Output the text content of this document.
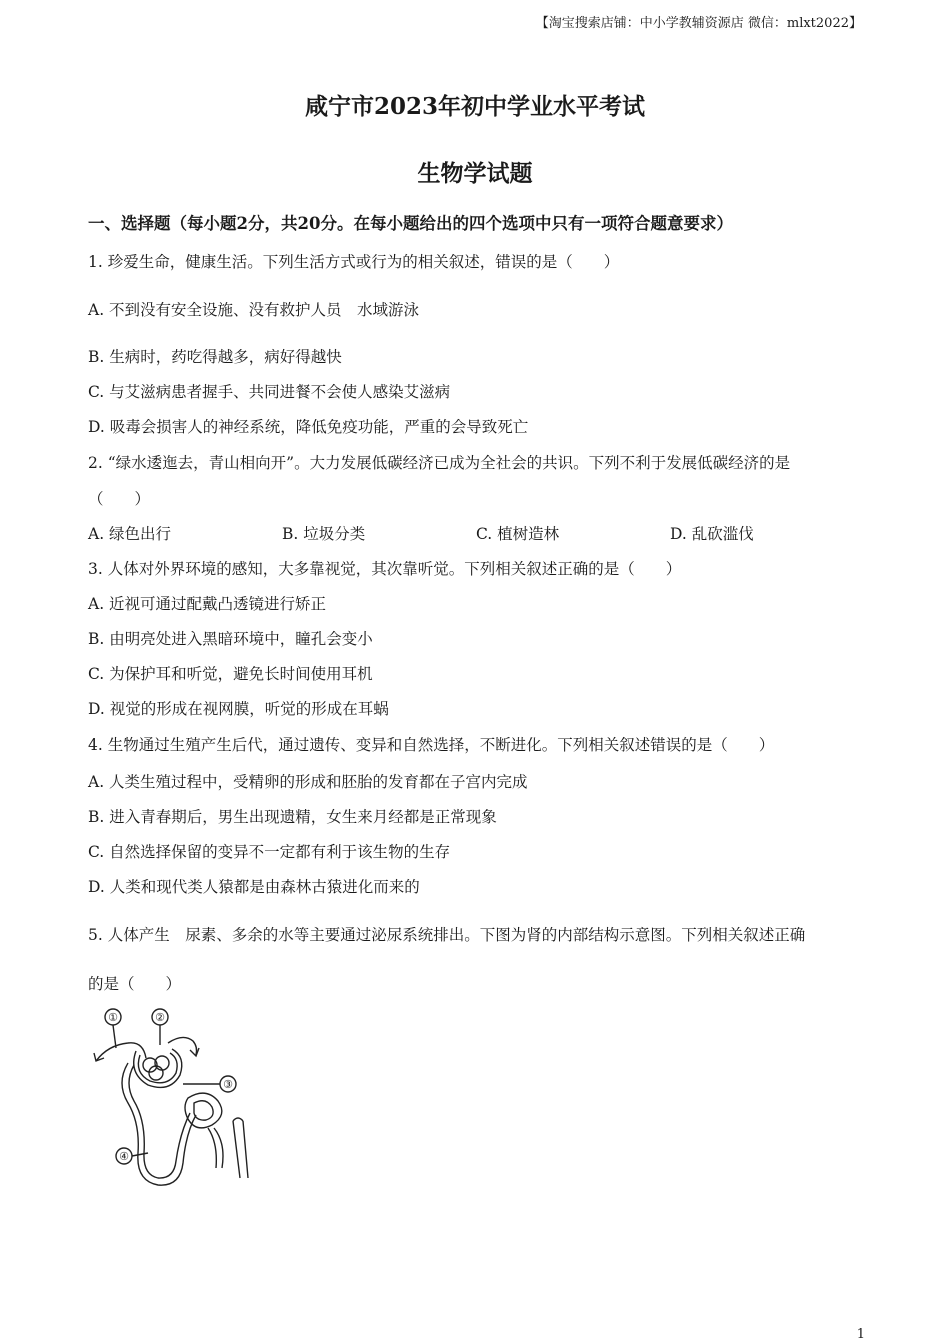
【淘宝搜索店铺：中小学教辅资源店 微信：mlxt2022】
咸宁市2023年初中学业水平考试
生物学试题
一、选择题（每小题2分，共20分。在每小题给出的四个选项中只有一项符合题意要求）
1. 珍爱生命，健康生活。下列生活方式或行为的相关叙述，错误的是（　　）
A. 不到没有安全设施、没有救护人员　水域游泳
B. 生病时，药吃得越多，病好得越快
C. 与艾滋病患者握手、共同进餐不会使人感染艾滋病
D. 吸毒会损害人的神经系统，降低免疫功能，严重的会导致死亡
2. “绿水逶迤去，青山相向开”。大力发展低碳经济已成为全社会的共识。下列不利于发展低碳经济的是
（　　）
A. 绿色出行	B. 垃圾分类	C. 植树造林	D. 乱砍滥伐
3. 人体对外界环境的感知，大多靠视觉，其次靠听觉。下列相关叙述正确的是（　　）
A. 近视可通过配戴凸透镜进行矫正
B. 由明亮处进入黑暗环境中，瞳孔会变小
C. 为保护耳和听觉，避免长时间使用耳机
D. 视觉的形成在视网膜，听觉的形成在耳蜗
4. 生物通过生殖产生后代，通过遗传、变异和自然选择，不断进化。下列相关叙述错误的是（　　）
A. 人类生殖过程中，受精卵的形成和胚胎的发育都在子宫内完成
B. 进入青春期后，男生出现遗精，女生来月经都是正常现象
C. 自然选择保留的变异不一定都有利于该生物的生存
D. 人类和现代类人猿都是由森林古猿进化而来的
5. 人体产生　尿素、多余的水等主要通过泌尿系统排出。下图为肾的内部结构示意图。下列相关叙述正确
的是（　　）
①	②
③
④
1
